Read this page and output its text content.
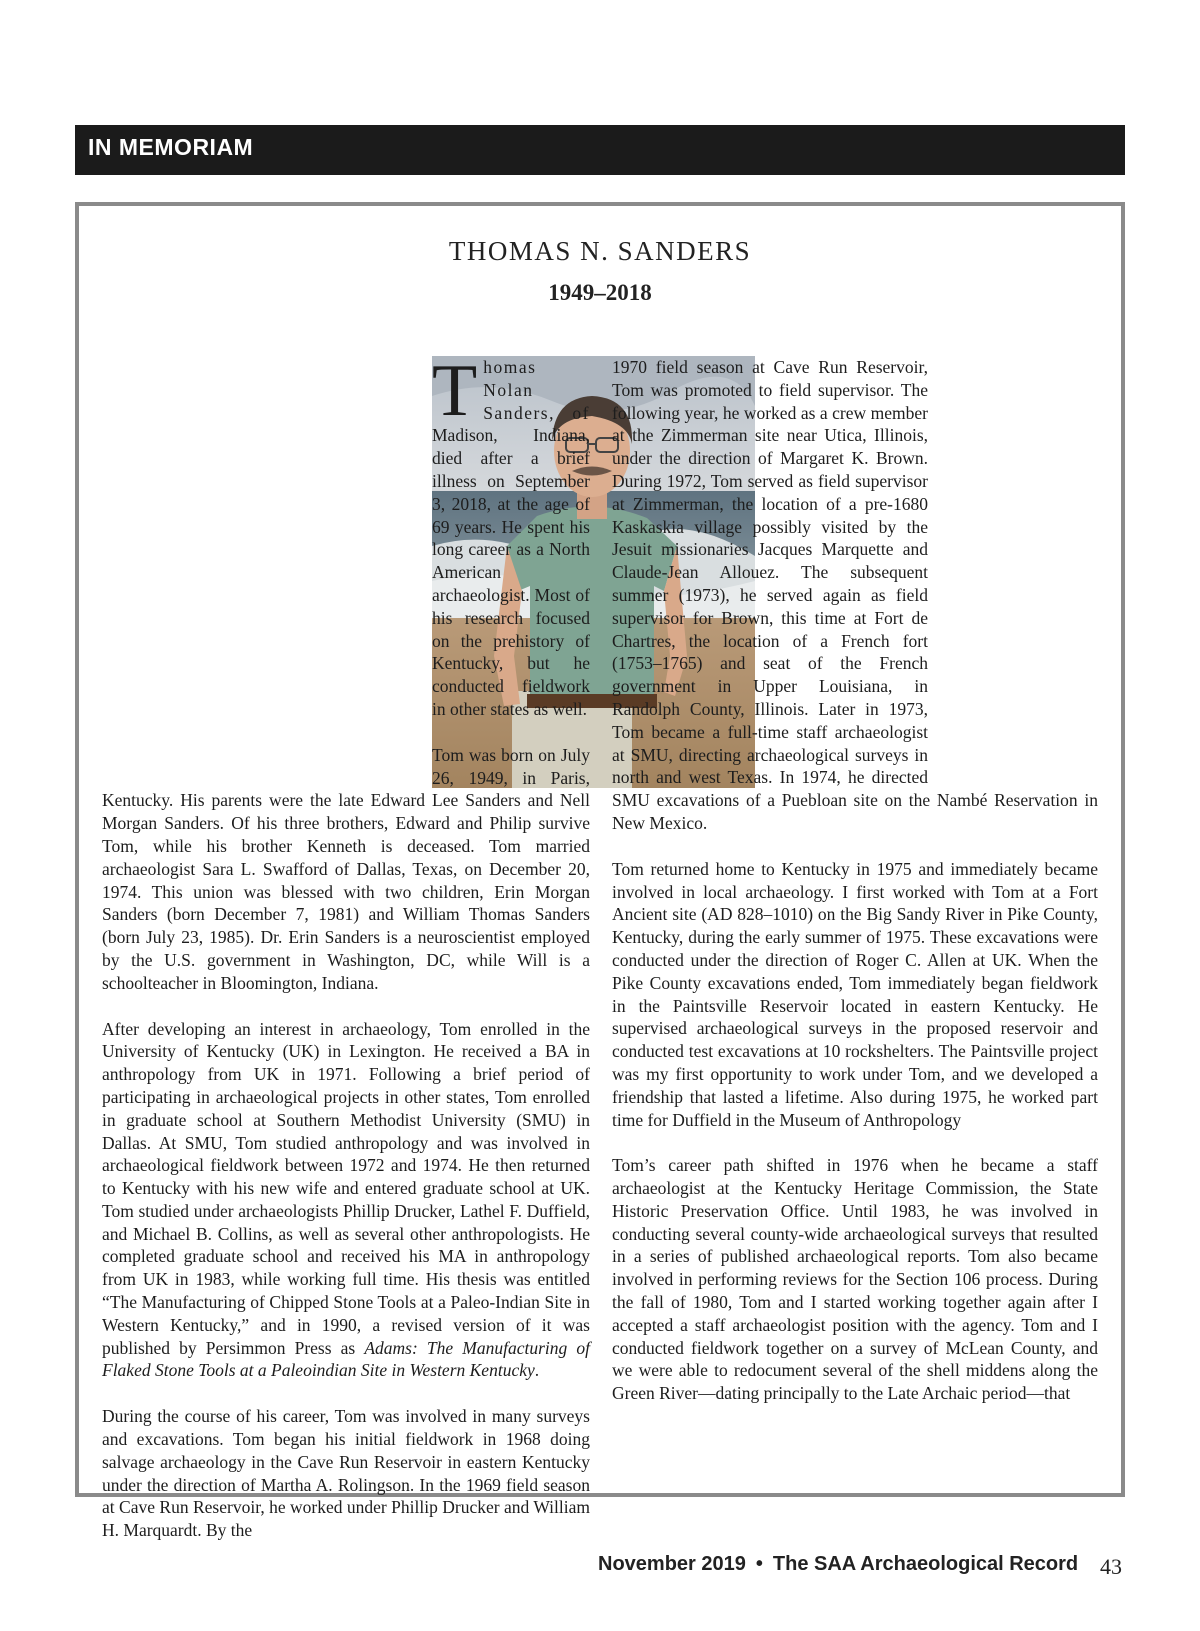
IN MEMORIAM
THOMAS N. SANDERS
1949–2018

Thomas Nolan Sanders, of Madison, Indiana, died after a brief illness on September 3, 2018, at the age of 69 years. He spent his long career as a North American archaeologist. Most of his research focused on the prehistory of Kentucky, but he conducted fieldwork in other states as well.

Tom was born on July 26, 1949, in Paris, Kentucky. His parents were the late Edward Lee Sanders and Nell Morgan Sanders. Of his three brothers, Edward and Philip survive Tom, while his brother Kenneth is deceased. Tom married archaeologist Sara L. Swafford of Dallas, Texas, on December 20, 1974. This union was blessed with two children, Erin Morgan Sanders (born December 7, 1981) and William Thomas Sanders (born July 23, 1985). Dr. Erin Sanders is a neuroscientist employed by the U.S. government in Washington, DC, while Will is a schoolteacher in Bloomington, Indiana.

After developing an interest in archaeology, Tom enrolled in the University of Kentucky (UK) in Lexington. He received a BA in anthropology from UK in 1971. Following a brief period of participating in archaeological projects in other states, Tom enrolled in graduate school at Southern Methodist University (SMU) in Dallas. At SMU, Tom studied anthropology and was involved in archaeological fieldwork between 1972 and 1974. He then returned to Kentucky with his new wife and entered graduate school at UK. Tom studied under archaeologists Phillip Drucker, Lathel F. Duffield, and Michael B. Collins, as well as several other anthropologists. He completed graduate school and received his MA in anthropology from UK in 1983, while working full time. His thesis was entitled “The Manufacturing of Chipped Stone Tools at a Paleo-Indian Site in Western Kentucky,” and in 1990, a revised version of it was published by Persimmon Press as Adams: The Manufacturing of Flaked Stone Tools at a Paleoindian Site in Western Kentucky.

During the course of his career, Tom was involved in many surveys and excavations. Tom began his initial fieldwork in 1968 doing salvage archaeology in the Cave Run Reservoir in eastern Kentucky under the direction of Martha A. Rolingson. In the 1969 field season at Cave Run Reservoir, he worked under Phillip Drucker and William H. Marquardt. By the

1970 field season at Cave Run Reservoir, Tom was promoted to field supervisor. The following year, he worked as a crew member at the Zimmerman site near Utica, Illinois, under the direction of Margaret K. Brown. During 1972, Tom served as field supervisor at Zimmerman, the location of a pre-1680 Kaskaskia village possibly visited by the Jesuit missionaries Jacques Marquette and Claude-Jean Allouez. The subsequent summer (1973), he served again as field supervisor for Brown, this time at Fort de Chartres, the location of a French fort (1753–1765) and seat of the French government in Upper Louisiana, in Randolph County, Illinois. Later in 1973, Tom became a full-time staff archaeologist at SMU, directing archaeological surveys in north and west Texas. In 1974, he directed SMU excavations of a Puebloan site on the Nambé Reservation in New Mexico.

Tom returned home to Kentucky in 1975 and immediately became involved in local archaeology. I first worked with Tom at a Fort Ancient site (AD 828–1010) on the Big Sandy River in Pike County, Kentucky, during the early summer of 1975. These excavations were conducted under the direction of Roger C. Allen at UK. When the Pike County excavations ended, Tom immediately began fieldwork in the Paintsville Reservoir located in eastern Kentucky. He supervised archaeological surveys in the proposed reservoir and conducted test excavations at 10 rockshelters. The Paintsville project was my first opportunity to work under Tom, and we developed a friendship that lasted a lifetime. Also during 1975, he worked part time for Duffield in the Museum of Anthropology

Tom’s career path shifted in 1976 when he became a staff archaeologist at the Kentucky Heritage Commission, the State Historic Preservation Office. Until 1983, he was involved in conducting several county-wide archaeological surveys that resulted in a series of published archaeological reports. Tom also became involved in performing reviews for the Section 106 process. During the fall of 1980, Tom and I started working together again after I accepted a staff archaeologist position with the agency. Tom and I conducted fieldwork together on a survey of McLean County, and we were able to redocument several of the shell middens along the Green River—dating principally to the Late Archaic period—that

November 2019 • The SAA Archaeological Record 43
